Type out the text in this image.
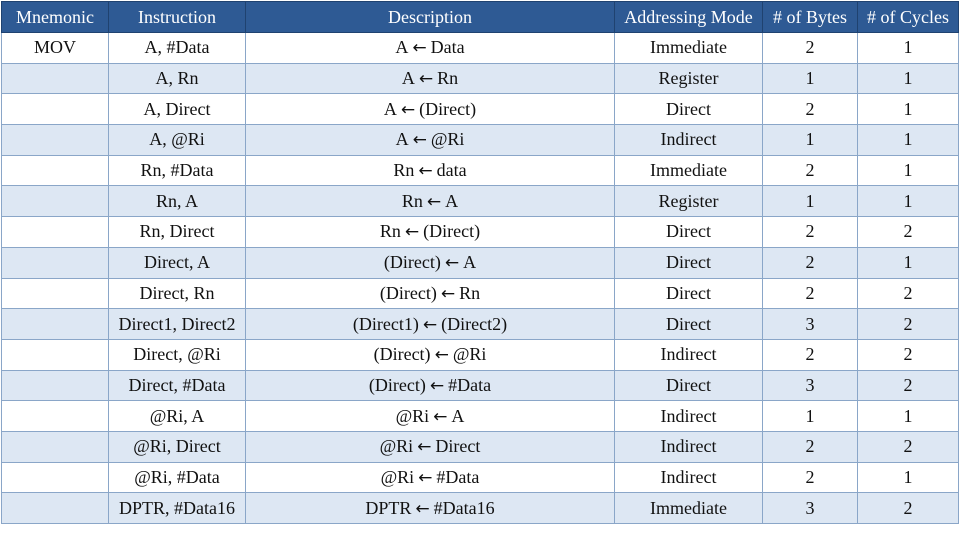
Mnemonic	Instruction	Description	Addressing Mode	# of Bytes	# of Cycles
MOV	A, #Data	A ← Data	Immediate	2	1
	A, Rn	A ← Rn	Register	1	1
	A, Direct	A ← (Direct)	Direct	2	1
	A, @Ri	A ← @Ri	Indirect	1	1
	Rn, #Data	Rn ← data	Immediate	2	1
	Rn, A	Rn ← A	Register	1	1
	Rn, Direct	Rn ← (Direct)	Direct	2	2
	Direct, A	(Direct) ← A	Direct	2	1
	Direct, Rn	(Direct) ← Rn	Direct	2	2
	Direct1, Direct2	(Direct1) ← (Direct2)	Direct	3	2
	Direct, @Ri	(Direct) ← @Ri	Indirect	2	2
	Direct, #Data	(Direct) ← #Data	Direct	3	2
	@Ri, A	@Ri ← A	Indirect	1	1
	@Ri, Direct	@Ri ← Direct	Indirect	2	2
	@Ri, #Data	@Ri ← #Data	Indirect	2	1
	DPTR, #Data16	DPTR ← #Data16	Immediate	3	2
